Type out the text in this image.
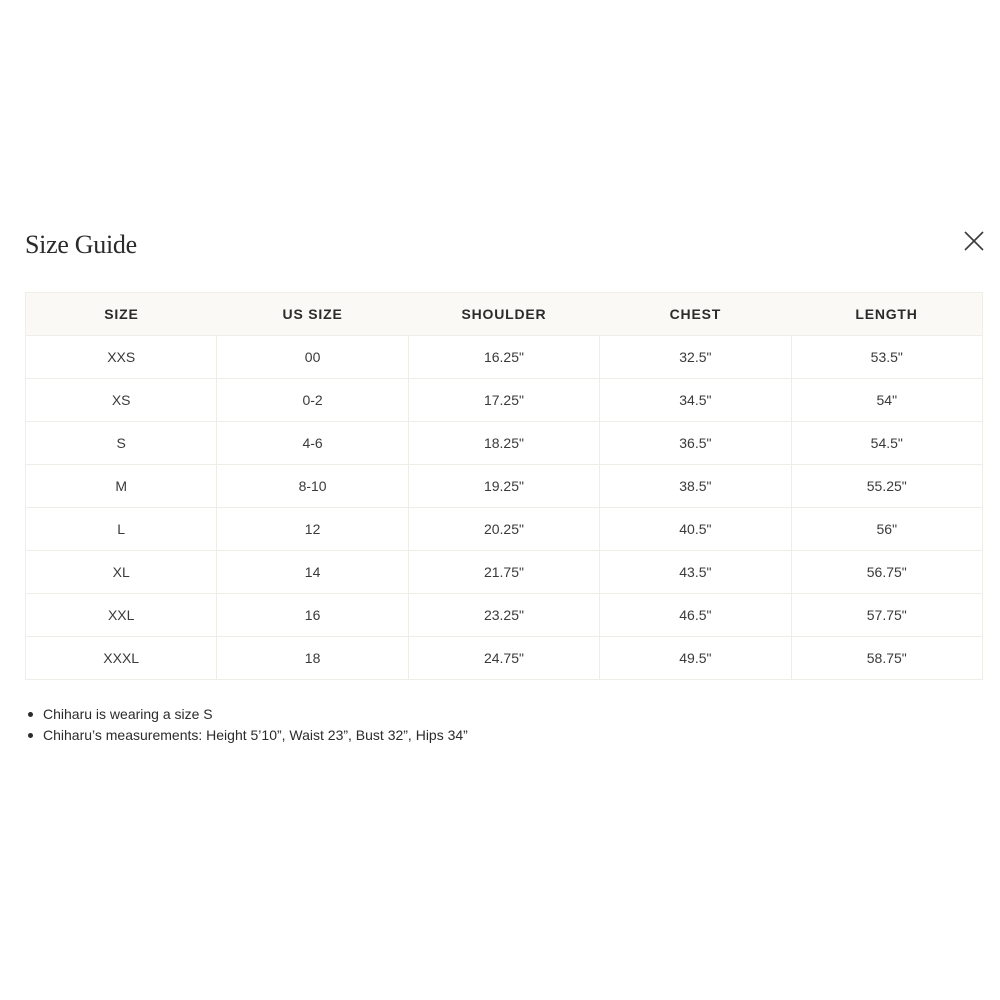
Size Guide
SIZE	US SIZE	SHOULDER	CHEST	LENGTH
XXS	00	16.25"	32.5"	53.5"
XS	0-2	17.25"	34.5"	54"
S	4-6	18.25"	36.5"	54.5"
M	8-10	19.25"	38.5"	55.25"
L	12	20.25"	40.5"	56"
XL	14	21.75"	43.5"	56.75"
XXL	16	23.25"	46.5"	57.75"
XXXL	18	24.75"	49.5"	58.75"
Chiharu is wearing a size S
Chiharu’s measurements: Height 5’10”, Waist 23”, Bust 32”, Hips 34”
